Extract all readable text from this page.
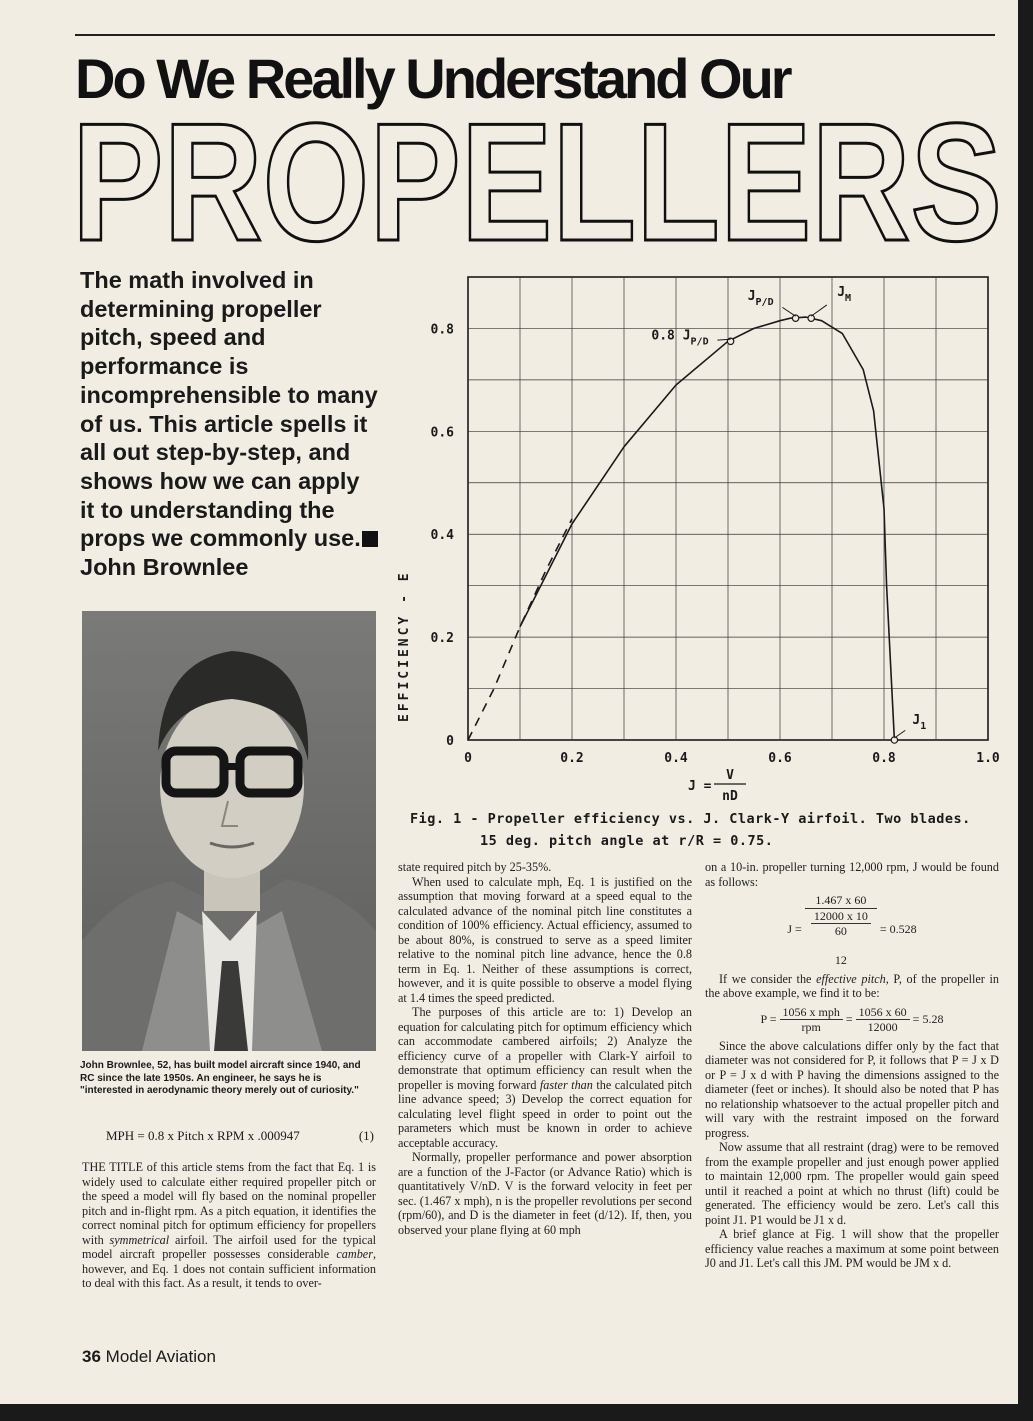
Do We Really Understand Our
PROPELLERS
PROPELLERS
The math involved in determining propeller pitch, speed and performance is incomprehensible to many of us. This article spells it all out step-by-step, and shows how we can apply it to understanding the props we commonly use.John Brownlee
John Brownlee, 52, has built model aircraft since 1940, and RC since the late 1950s. An engineer, he says he is "interested in aerodynamic theory merely out of curiosity."
MPH = 0.8 x Pitch x RPM x .000947	(1)

THE TITLE of this article stems from the fact that Eq. 1 is widely used to calculate either required propeller pitch or the speed a model will fly based on the nominal propeller pitch and in-flight rpm. As a pitch equation, it identifies the correct nominal pitch for optimum efficiency for propellers with symmetrical airfoil. The airfoil used for the typical model aircraft propeller possesses considerable camber, however, and Eq. 1 does not contain sufficient information to deal with this fact. As a result, it tends to over-

0	0.2	0.4	0.6	0.8	1.0
0
0.2
0.4
0.6
0.8
$J_{P/D}$
$J_M$
0.8 $J_{P/D}$
$J_1$
EFFICIENCY - E
J =
V
nD
Fig. 1 - Propeller efficiency vs. J. Clark-Y airfoil. Two blades.
15 deg. pitch angle at r/R = 0.75.

state required pitch by 25-35%.

When used to calculate mph, Eq. 1 is justified on the assumption that moving forward at a speed equal to the calculated advance of the nominal pitch line constitutes a condition of 100% efficiency. Actual efficiency, assumed to be about 80%, is construed to serve as a speed limiter relative to the nominal pitch line advance, hence the 0.8 term in Eq. 1. Neither of these assumptions is correct, however, and it is quite possible to observe a model flying at 1.4 times the speed predicted.

The purposes of this article are to: 1) Develop an equation for calculating pitch for optimum efficiency which can accommodate cambered airfoils; 2) Analyze the efficiency curve of a propeller with Clark-Y airfoil to demonstrate that optimum efficiency can result when the propeller is moving forward faster than the calculated pitch line advance speed; 3) Develop the correct equation for calculating level flight speed in order to point out the parameters which must be known in order to achieve acceptable accuracy.

Normally, propeller performance and power absorption are a function of the J-Factor (or Advance Ratio) which is quantitatively V/nD. V is the forward velocity in feet per sec. (1.467 x mph), n is the propeller revolutions per second (rpm/60), and D is the diameter in feet (d/12). If, then, you observed your plane flying at 60 mph

on a 10-in. propeller turning 12,000 rpm, J would be found as follows:

J = 1.467 x 60
12000 x 10
60

12 = 0.528

If we consider the effective pitch, P, of the propeller in the above example, we find it to be:

$P = \frac{\text{1056 x mph}}{\text{rpm}} = \frac{1056 x 60}{12000} = 5.28$

Since the above calculations differ only by the fact that diameter was not considered for P, it follows that P = J x D or P = J x d with P having the dimensions assigned to the diameter (feet or inches). It should also be noted that P has no relationship whatsoever to the actual propeller pitch and will vary with the restraint imposed on the forward progress.

Now assume that all restraint (drag) were to be removed from the example propeller and just enough power applied to maintain 12,000 rpm. The propeller would gain speed until it reached a point at which no thrust (lift) could be generated. The efficiency would be zero. Let's call this point J1. P1 would be J1 x d.

A brief glance at Fig. 1 will show that the propeller efficiency value reaches a maximum at some point between J0 and J1. Let's call this JM. PM would be JM x d.

36 Model Aviation
